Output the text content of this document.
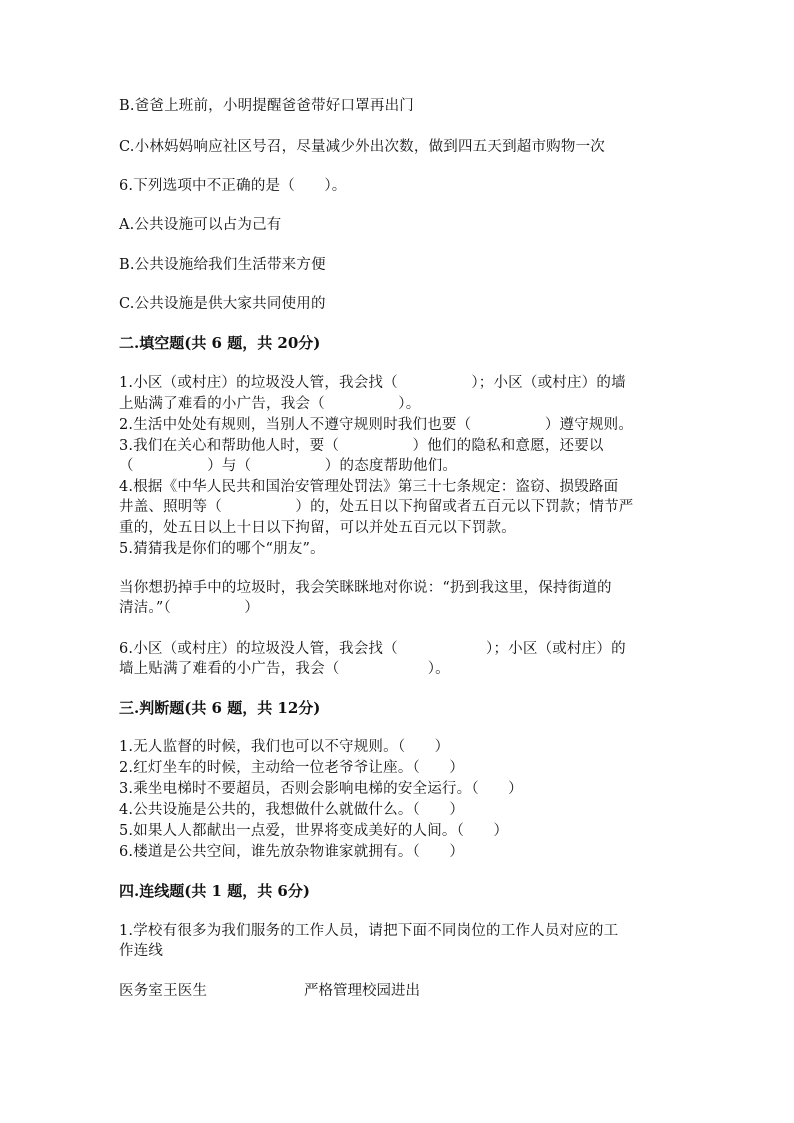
B.爸爸上班前，小明提醒爸爸带好口罩再出门
C.小林妈妈响应社区号召，尽量减少外出次数，做到四五天到超市购物一次
6.下列选项中不正确的是（　　）。
A.公共设施可以占为己有
B.公共设施给我们生活带来方便
C.公共设施是供大家共同使用的
二.填空题(共 6 题，共 20分)
1.小区（或村庄）的垃圾没人管，我会找（　　　　　）；小区（或村庄）的墙
上贴满了难看的小广告，我会（　　　　　）。
2.生活中处处有规则，当别人不遵守规则时我们也要（　　　　　）遵守规则。
3.我们在关心和帮助他人时，要（　　　　　）他们的隐私和意愿，还要以
（　　　　　）与（　　　　　）的态度帮助他们。
4.根据《中华人民共和国治安管理处罚法》第三十七条规定：盗窃、损毁路面
井盖、照明等（　　　　　）的，处五日以下拘留或者五百元以下罚款；情节严
重的，处五日以上十日以下拘留，可以并处五百元以下罚款。
5.猜猜我是你们的哪个“朋友”。
当你想扔掉手中的垃圾时，我会笑眯眯地对你说：“扔到我这里，保持街道的
清洁。”（　　　　　）
6.小区（或村庄）的垃圾没人管，我会找（　　　　　　）；小区（或村庄）的
墙上贴满了难看的小广告，我会（　　　　　　）。
三.判断题(共 6 题，共 12分)
1.无人监督的时候，我们也可以不守规则。（　　）
2.红灯坐车的时候，主动给一位老爷爷让座。（　　）
3.乘坐电梯时不要超员，否则会影响电梯的安全运行。（　　）
4.公共设施是公共的，我想做什么就做什么。（　　）
5.如果人人都献出一点爱，世界将变成美好的人间。（　　）
6.楼道是公共空间，谁先放杂物谁家就拥有。（　　）
四.连线题(共 1 题，共 6分)
1.学校有很多为我们服务的工作人员，请把下面不同岗位的工作人员对应的工
作连线
医务室王医生	严格管理校园进出
